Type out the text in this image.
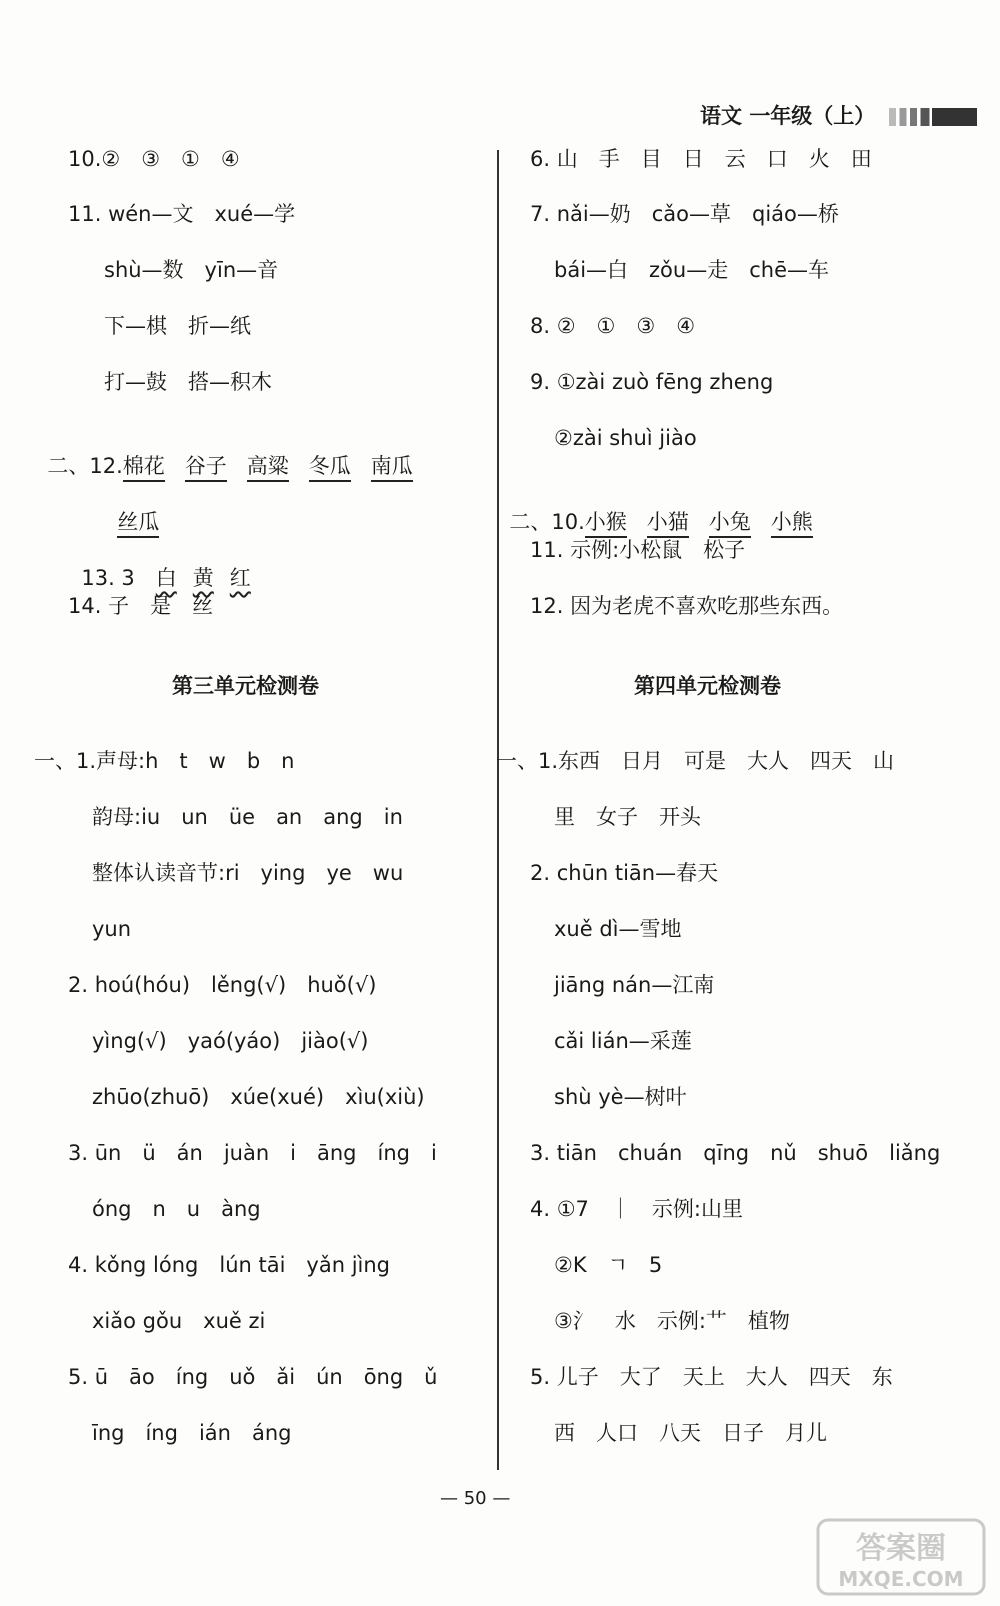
语文 一年级（上）
10.②　③　①　④
11. wén—文　xué—学
shù—数　yīn—音
下—棋　折—纸
打—鼓　搭—积木

二、12.棉花 谷子 高粱 冬瓜 南瓜

丝瓜

13. 3　 白 黄 红

14. 子　是　丝
第三单元检测卷
一、1.声母:h　t　w　b　n
韵母:iu　un　üe　an　ang　in
整体认读音节:ri　ying　ye　wu
yun
2. hoú(hóu)　lěng(√)　huǒ(√)
yìng(√)　yaó(yáo)　jiào(√)
zhūo(zhuō)　xúe(xué)　xìu(xiù)
3. ūn　ü　án　juàn　i　āng　íng　i
óng　n　u　àng
4. kǒng lóng　lún tāi　yǎn jìng
xiǎo gǒu　xuě zi
5. ū　āo　íng　uǒ　ǎi　ún　ōng　ǔ
īng　íng　ián　áng
6. 山　手　目　日　云　口　火　田
7. nǎi—奶　cǎo—草　qiáo—桥
bái—白　zǒu—走　chē—车
8. ②　①　③　④
9. ①zài zuò fēng zheng
②zài shuì jiào

二、10.小猴 小猫 小兔 小熊

11. 示例:小松鼠　松子
12. 因为老虎不喜欢吃那些东西。
第四单元检测卷
一、1.东西　日月　可是　大人　四天　山
里　女子　开头
2. chūn tiān—春天
xuě dì—雪地
jiāng nán—江南
cǎi lián—采莲
shù yè—树叶
3. tiān　chuán　qīng　nǔ　shuō　liǎng
4. ①7　｜　示例:山里
②K　ㄱ　5
③氵　水　示例:艹　植物
5. 儿子　大了　天上　大人　四天　东
西　人口　八天　日子　月儿
— 50 —
答案圈
MXQE.COM
